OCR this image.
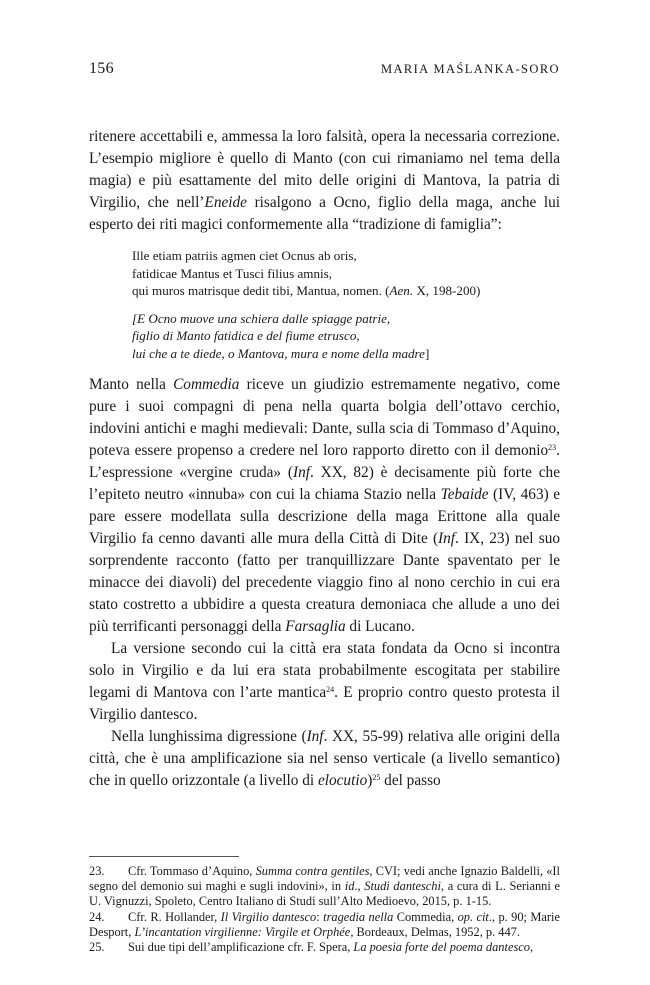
156	MARIA MAŚLANKA-SORO

ritenere accettabili e, ammessa la loro falsità, opera la necessaria correzione. L’esempio migliore è quello di Manto (con cui rimaniamo nel tema della magia) e più esattamente del mito delle origini di Mantova, la patria di Virgilio, che nell’Eneide risalgono a Ocno, figlio della maga, anche lui esperto dei riti magici conformemente alla “tradizione di famiglia”:

Ille etiam patriis agmen ciet Ocnus ab oris,
fatidicae Mantus et Tusci filius amnis,
qui muros matrisque dedit tibi, Mantua, nomen. (Aen. X, 198-200)
[E Ocno muove una schiera dalle spiagge patrie,
figlio di Manto fatidica e del fiume etrusco,
lui che a te diede, o Mantova, mura e nome della madre]

Manto nella Commedia riceve un giudizio estremamente negativo, come pure i suoi compagni di pena nella quarta bolgia dell’ottavo cerchio, indovini antichi e maghi medievali: Dante, sulla scia di Tommaso d’Aquino, poteva essere propenso a credere nel loro rapporto diretto con il demonio$^{23}$. L’espressione «vergine cruda» (Inf. XX, 82) è decisamente più forte che l’epiteto neutro «innuba» con cui la chiama Stazio nella Tebaide (IV, 463) e pare essere modellata sulla descrizione della maga Erittone alla quale Virgilio fa cenno davanti alle mura della Città di Dite (Inf. IX, 23) nel suo sorprendente racconto (fatto per tranquillizzare Dante spaventato per le minacce dei diavoli) del precedente viaggio fino al nono cerchio in cui era stato costretto a ubbidire a questa creatura demoniaca che allude a uno dei più terrificanti personaggi della Farsaglia di Lucano.

La versione secondo cui la città era stata fondata da Ocno si incontra solo in Virgilio e da lui era stata probabilmente escogitata per stabilire legami di Mantova con l’arte mantica$^{24}$. E proprio contro questo protesta il Virgilio dantesco.

Nella lunghissima digressione (Inf. XX, 55-99) relativa alle origini della città, che è una amplificazione sia nel senso verticale (a livello semantico) che in quello orizzontale (a livello di elocutio)$^{25}$ del passo

23. Cfr. Tommaso d’Aquino, Summa contra gentiles, CVI; vedi anche Ignazio Baldelli, «Il segno del demonio sui maghi e sugli indovini», in id., Studi danteschi, a cura di L. Serianni e U. Vignuzzi, Spoleto, Centro Italiano di Studi sull’Alto Medioevo, 2015, p. 1-15.

24. Cfr. R. Hollander, Il Virgilio dantesco: tragedia nella Commedia, op. cit., p. 90; Marie Desport, L’incantation virgilienne: Virgile et Orphée, Bordeaux, Delmas, 1952, p. 447.

25. Sui due tipi dell’amplificazione cfr. F. Spera, La poesia forte del poema dantesco,
